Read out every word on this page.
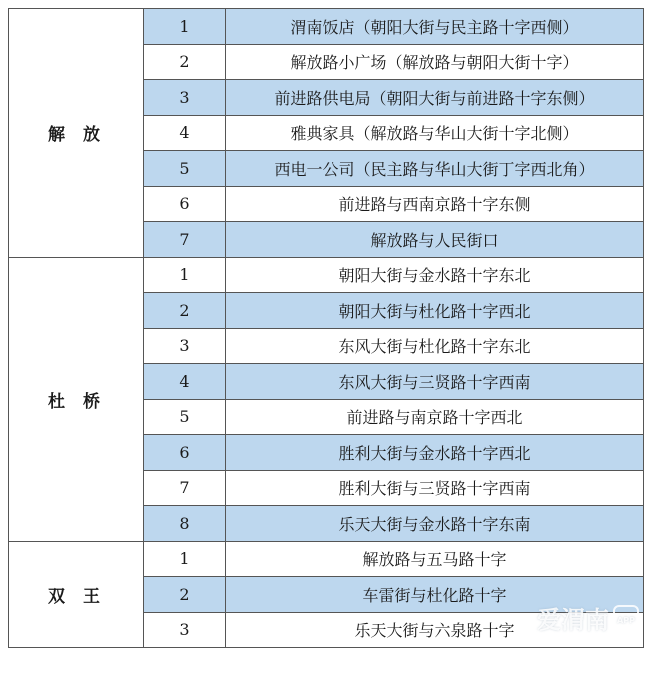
解放	1	渭南饭店（朝阳大街与民主路十字西侧）
	2	解放路小广场（解放路与朝阳大街十字）
	3	前进路供电局（朝阳大街与前进路十字东侧）
	4	雅典家具（解放路与华山大街十字北侧）
	5	西电一公司（民主路与华山大街丁字西北角）
	6	前进路与西南京路十字东侧
	7	解放路与人民街口
杜桥	1	朝阳大街与金水路十字东北
	2	朝阳大街与杜化路十字西北
	3	东风大街与杜化路十字东北
	4	东风大街与三贤路十字西南
	5	前进路与南京路十字西北
	6	胜利大街与金水路十字西北
	7	胜利大街与三贤路十字西南
	8	乐天大街与金水路十字东南
双王	1	解放路与五马路十字
	2	车雷街与杜化路十字
	3	乐天大街与六泉路十字 爱渭南	APP
